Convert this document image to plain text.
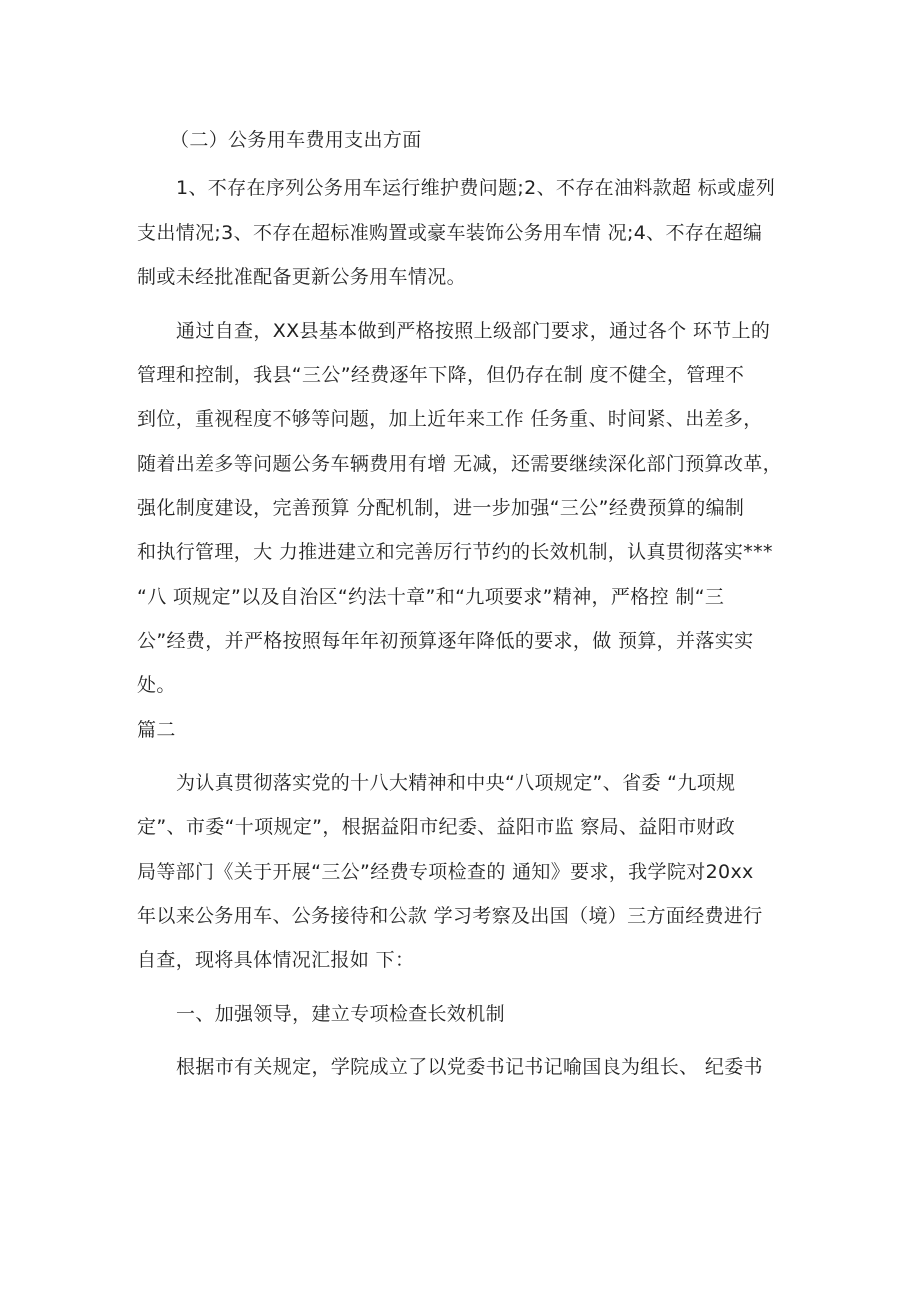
（二）公务用车费用支出方面
1、不存在序列公务用车运行维护费问题;2、不存在油料款超 标或虚列
支出情况;3、不存在超标准购置或豪车装饰公务用车情 况;4、不存在超编
制或未经批准配备更新公务用车情况。
通过自查，XX县基本做到严格按照上级部门要求，通过各个 环节上的
管理和控制，我县“三公”经费逐年下降，但仍存在制 度不健全，管理不
到位，重视程度不够等问题，加上近年来工作 任务重、时间紧、出差多，
随着出差多等问题公务车辆费用有增 无减，还需要继续深化部门预算改革，
强化制度建设，完善预算 分配机制，进一步加强“三公”经费预算的编制
和执行管理，大 力推进建立和完善厉行节约的长效机制，认真贯彻落实***
“八 项规定”以及自治区“约法十章”和“九项要求”精神，严格控 制“三
公”经费，并严格按照每年年初预算逐年降低的要求，做 预算，并落实实
处。
篇二
为认真贯彻落实党的十八大精神和中央“八项规定”、省委 “九项规
定”、市委“十项规定”，根据益阳市纪委、益阳市监 察局、益阳市财政
局等部门《关于开展“三公”经费专项检查的 通知》要求，我学院对20xx
年以来公务用车、公务接待和公款 学习考察及出国（境）三方面经费进行
自查，现将具体情况汇报如 下：
一、加强领导，建立专项检查长效机制
根据市有关规定，学院成立了以党委书记书记喻国良为组长、 纪委书
